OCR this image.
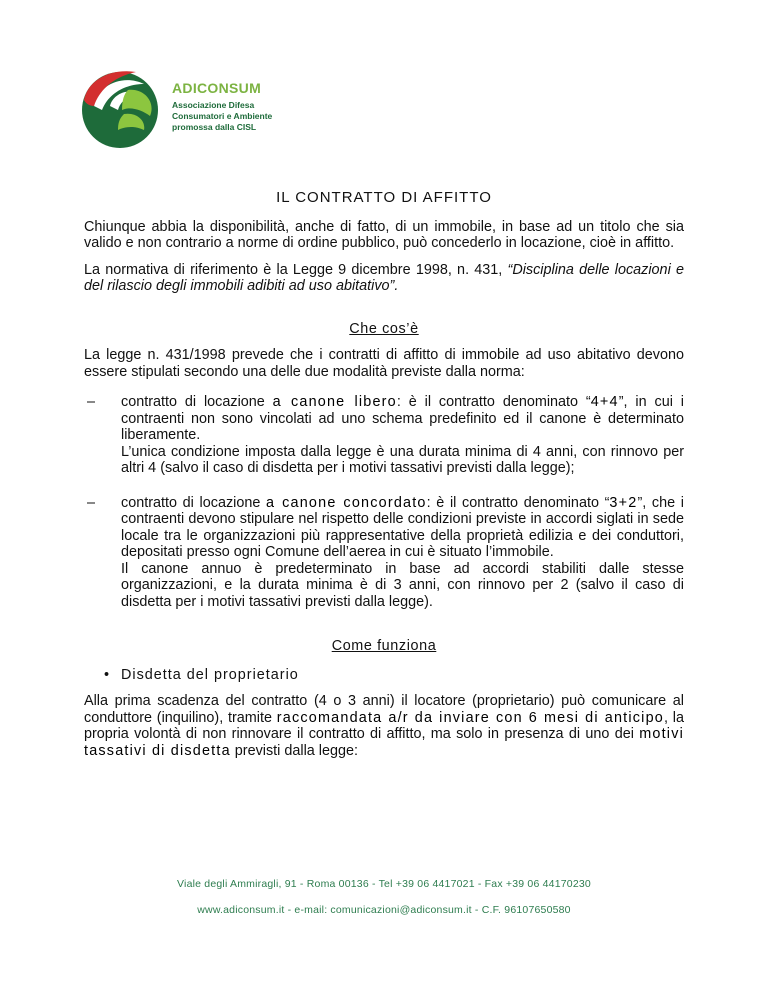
ADICONSUM
Associazione Difesa
Consumatori e Ambiente
promossa dalla CISL
IL CONTRATTO DI AFFITTO

Chiunque abbia la disponibilità, anche di fatto, di un immobile, in base ad un titolo che sia valido e non contrario a norme di ordine pubblico, può concederlo in locazione, cioè in affitto.

La normativa di riferimento è la Legge 9 dicembre 1998, n. 431, “Disciplina delle locazioni e del rilascio degli immobili adibiti ad uso abitativo”.

Che cos’è

La legge n. 431/1998 prevede che i contratti di affitto di immobile ad uso abitativo devono essere stipulati secondo una delle due modalità previste dalla norma:

– contratto di locazione a canone libero: è il contratto denominato “4+4”, in cui i contraenti non sono vincolati ad uno schema predefinito ed il canone è determinato liberamente.
L’unica condizione imposta dalla legge è una durata minima di 4 anni, con rinnovo per altri 4 (salvo il caso di disdetta per i motivi tassativi previsti dalla legge);
– contratto di locazione a canone concordato: è il contratto denominato “3+2”, che i contraenti devono stipulare nel rispetto delle condizioni previste in accordi siglati in sede locale tra le organizzazioni più rappresentative della proprietà edilizia e dei conduttori, depositati presso ogni Comune dell’aerea in cui è situato l’immobile.
Il canone annuo è predeterminato in base ad accordi stabiliti dalle stesse organizzazioni, e la durata minima è di 3 anni, con rinnovo per 2 (salvo il caso di disdetta per i motivi tassativi previsti dalla legge).
Come funziona
• Disdetta del proprietario

Alla prima scadenza del contratto (4 o 3 anni) il locatore (proprietario) può comunicare al conduttore (inquilino), tramite raccomandata a/r da inviare con 6 mesi di anticipo, la propria volontà di non rinnovare il contratto di affitto, ma solo in presenza di uno dei motivi tassativi di disdetta previsti dalla legge:

Viale degli Ammiragli, 91 - Roma 00136 - Tel +39 06 4417021 - Fax +39 06 44170230
www.adiconsum.it - e-mail: comunicazioni@adiconsum.it - C.F. 96107650580
